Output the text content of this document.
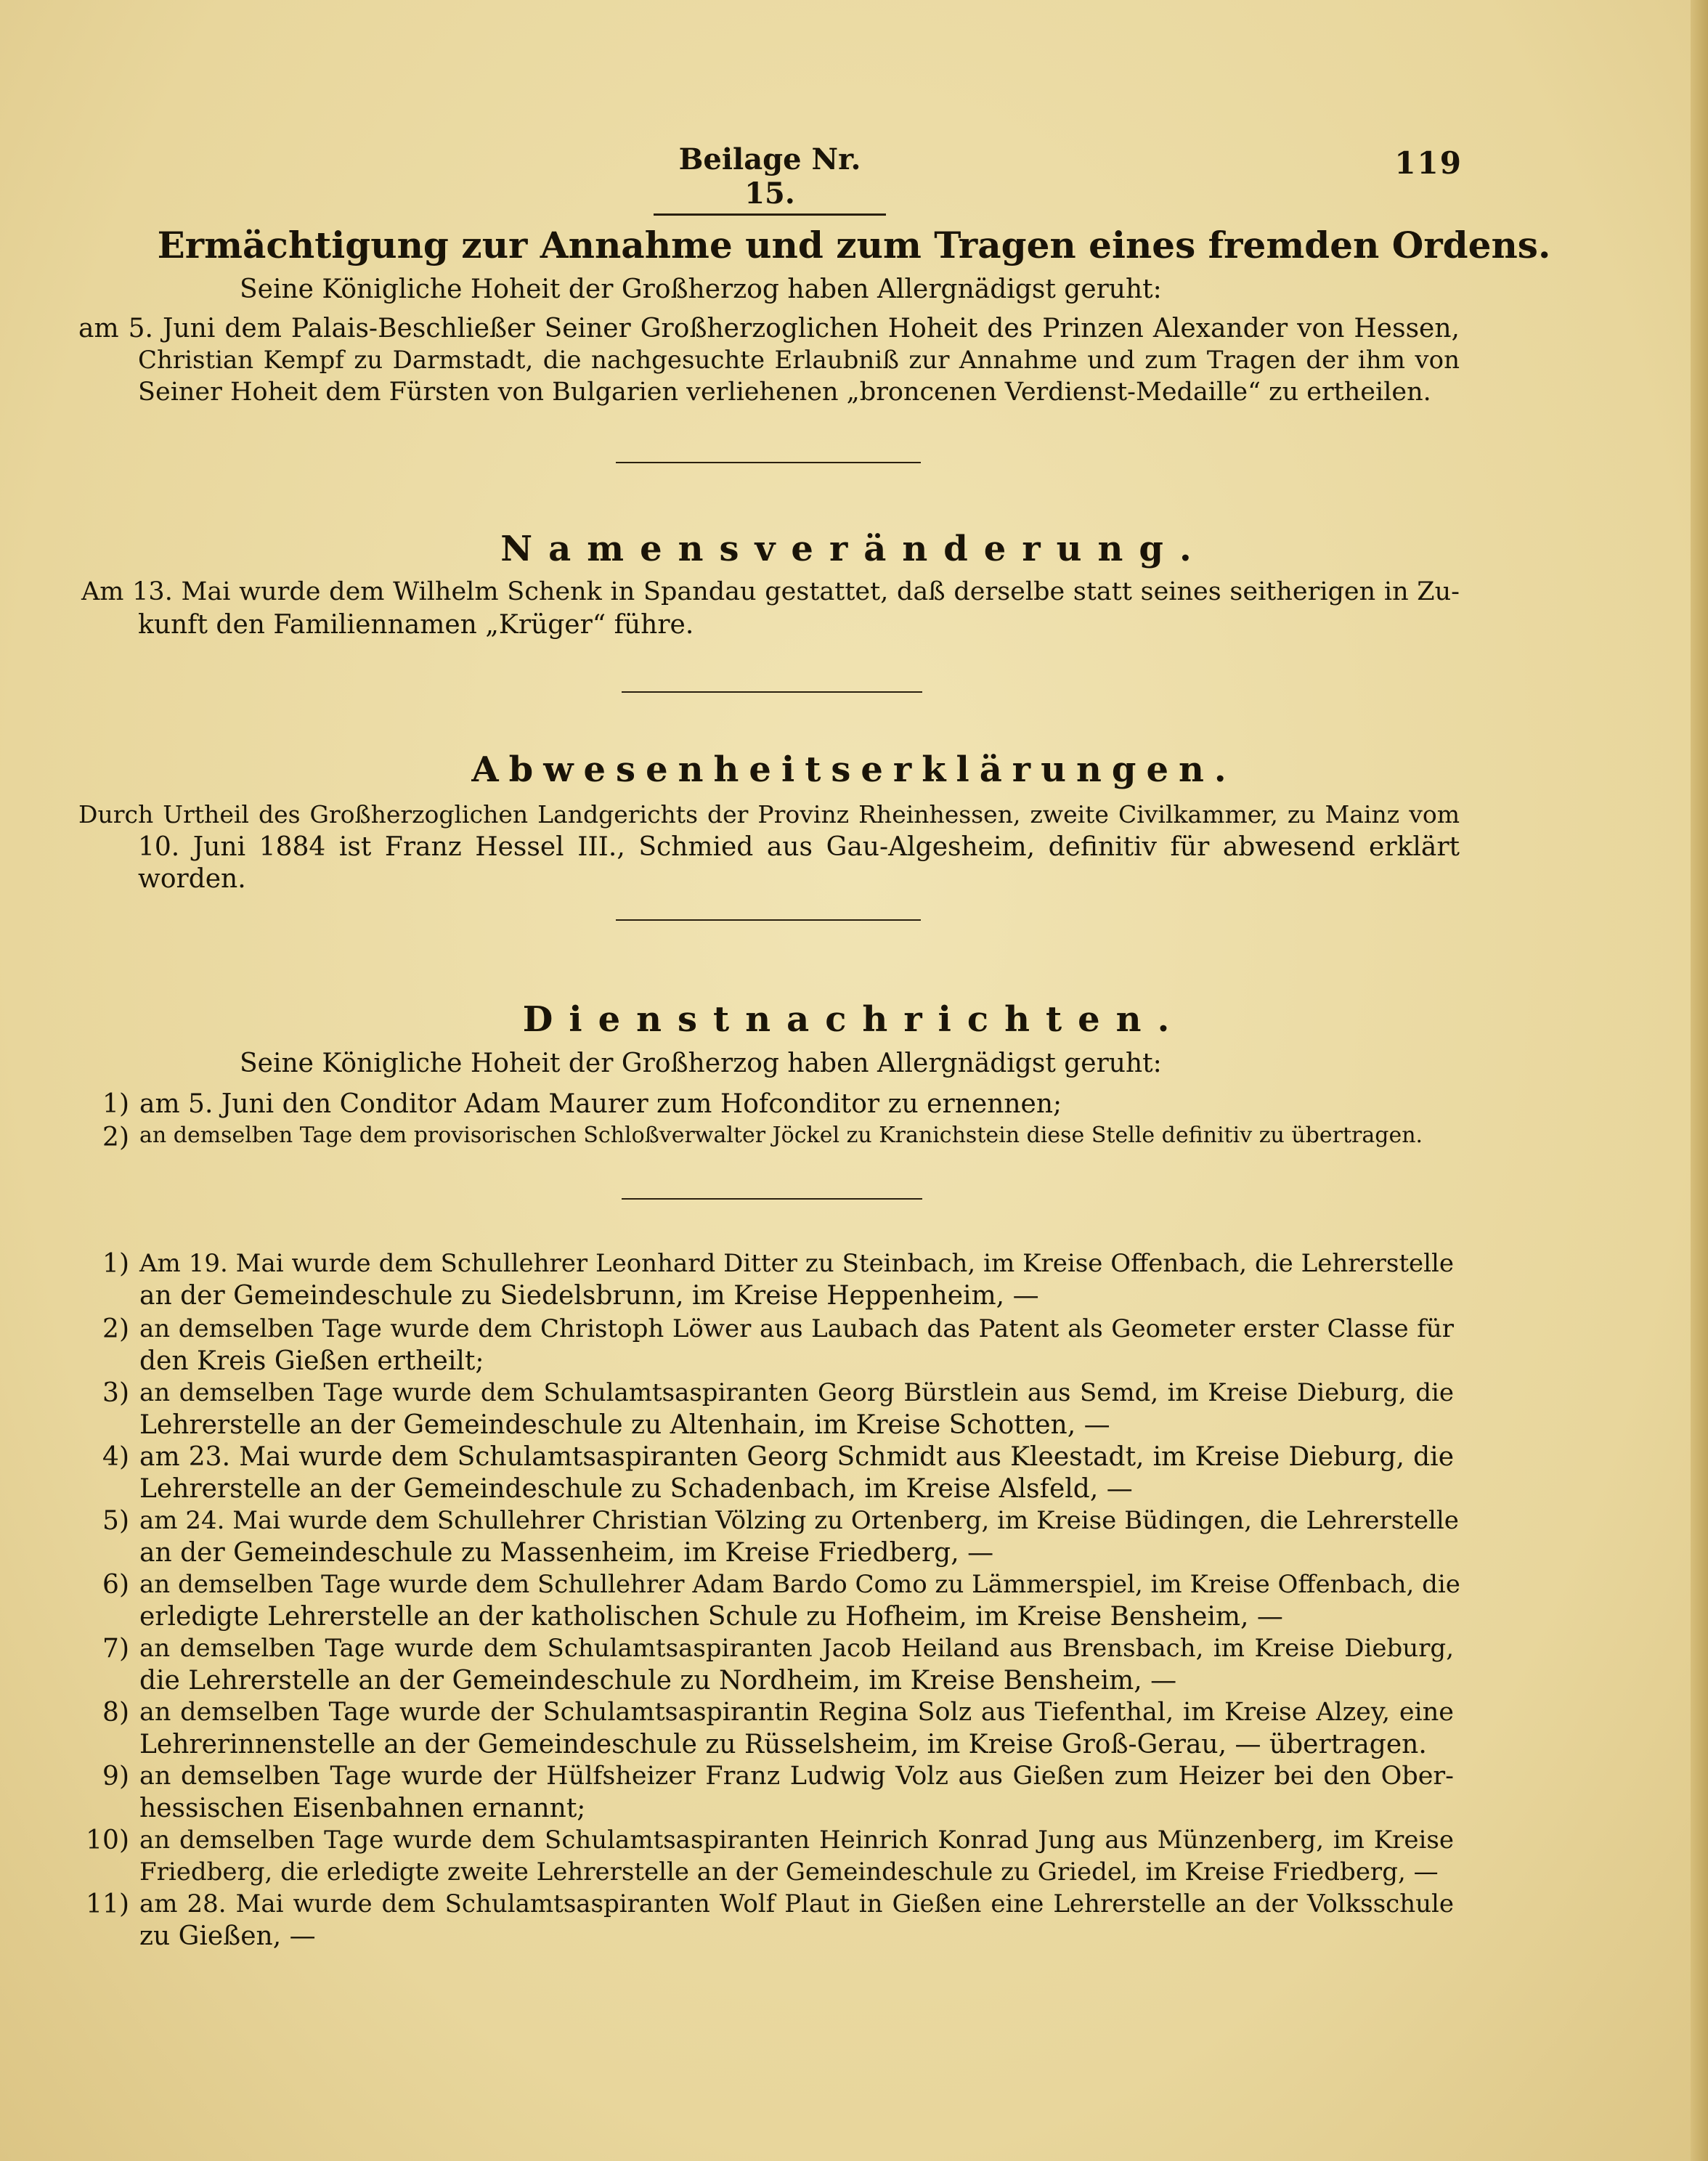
Beilage Nr. 15.
119
Ermächtigung zur Annahme und zum Tragen eines fremden Ordens.
Seine Königliche Hoheit der Großherzog haben Allergnädigst geruht:
am 5. Juni dem Palais-Beschließer Seiner Großherzoglichen Hoheit des Prinzen Alexander von Hessen,
Christian Kempf zu Darmstadt, die nachgesuchte Erlaubniß zur Annahme und zum Tragen der ihm von
Seiner Hoheit dem Fürsten von Bulgarien verliehenen „broncenen Verdienst-Medaille“ zu ertheilen.
Namensveränderung.
Am 13. Mai wurde dem Wilhelm Schenk in Spandau gestattet, daß derselbe statt seines seitherigen in Zu-
kunft den Familiennamen „Krüger“ führe.
Abwesenheitserklärungen.
Durch Urtheil des Großherzoglichen Landgerichts der Provinz Rheinhessen, zweite Civilkammer, zu Mainz vom
10. Juni 1884 ist Franz Hessel III., Schmied aus Gau-Algesheim, definitiv für abwesend erklärt
worden.
Dienstnachrichten.
Seine Königliche Hoheit der Großherzog haben Allergnädigst geruht:
1) am 5. Juni den Conditor Adam Maurer zum Hofconditor zu ernennen;
2) an demselben Tage dem provisorischen Schloßverwalter Jöckel zu Kranichstein diese Stelle definitiv zu übertragen.
1) Am 19. Mai wurde dem Schullehrer Leonhard Ditter zu Steinbach, im Kreise Offenbach, die Lehrerstelle
an der Gemeindeschule zu Siedelsbrunn, im Kreise Heppenheim, —
2) an demselben Tage wurde dem Christoph Löwer aus Laubach das Patent als Geometer erster Classe für
den Kreis Gießen ertheilt;
3) an demselben Tage wurde dem Schulamtsaspiranten Georg Bürstlein aus Semd, im Kreise Dieburg, die
Lehrerstelle an der Gemeindeschule zu Altenhain, im Kreise Schotten, —
4) am 23. Mai wurde dem Schulamtsaspiranten Georg Schmidt aus Kleestadt, im Kreise Dieburg, die
Lehrerstelle an der Gemeindeschule zu Schadenbach, im Kreise Alsfeld, —
5) am 24. Mai wurde dem Schullehrer Christian Völzing zu Ortenberg, im Kreise Büdingen, die Lehrerstelle
an der Gemeindeschule zu Massenheim, im Kreise Friedberg, —
6) an demselben Tage wurde dem Schullehrer Adam Bardo Como zu Lämmerspiel, im Kreise Offenbach, die
erledigte Lehrerstelle an der katholischen Schule zu Hofheim, im Kreise Bensheim, —
7) an demselben Tage wurde dem Schulamtsaspiranten Jacob Heiland aus Brensbach, im Kreise Dieburg,
die Lehrerstelle an der Gemeindeschule zu Nordheim, im Kreise Bensheim, —
8) an demselben Tage wurde der Schulamtsaspirantin Regina Solz aus Tiefenthal, im Kreise Alzey, eine
Lehrerinnenstelle an der Gemeindeschule zu Rüsselsheim, im Kreise Groß-Gerau, — übertragen.
9) an demselben Tage wurde der Hülfsheizer Franz Ludwig Volz aus Gießen zum Heizer bei den Ober-
hessischen Eisenbahnen ernannt;
10) an demselben Tage wurde dem Schulamtsaspiranten Heinrich Konrad Jung aus Münzenberg, im Kreise
Friedberg, die erledigte zweite Lehrerstelle an der Gemeindeschule zu Griedel, im Kreise Friedberg, —
11) am 28. Mai wurde dem Schulamtsaspiranten Wolf Plaut in Gießen eine Lehrerstelle an der Volksschule
zu Gießen, —
